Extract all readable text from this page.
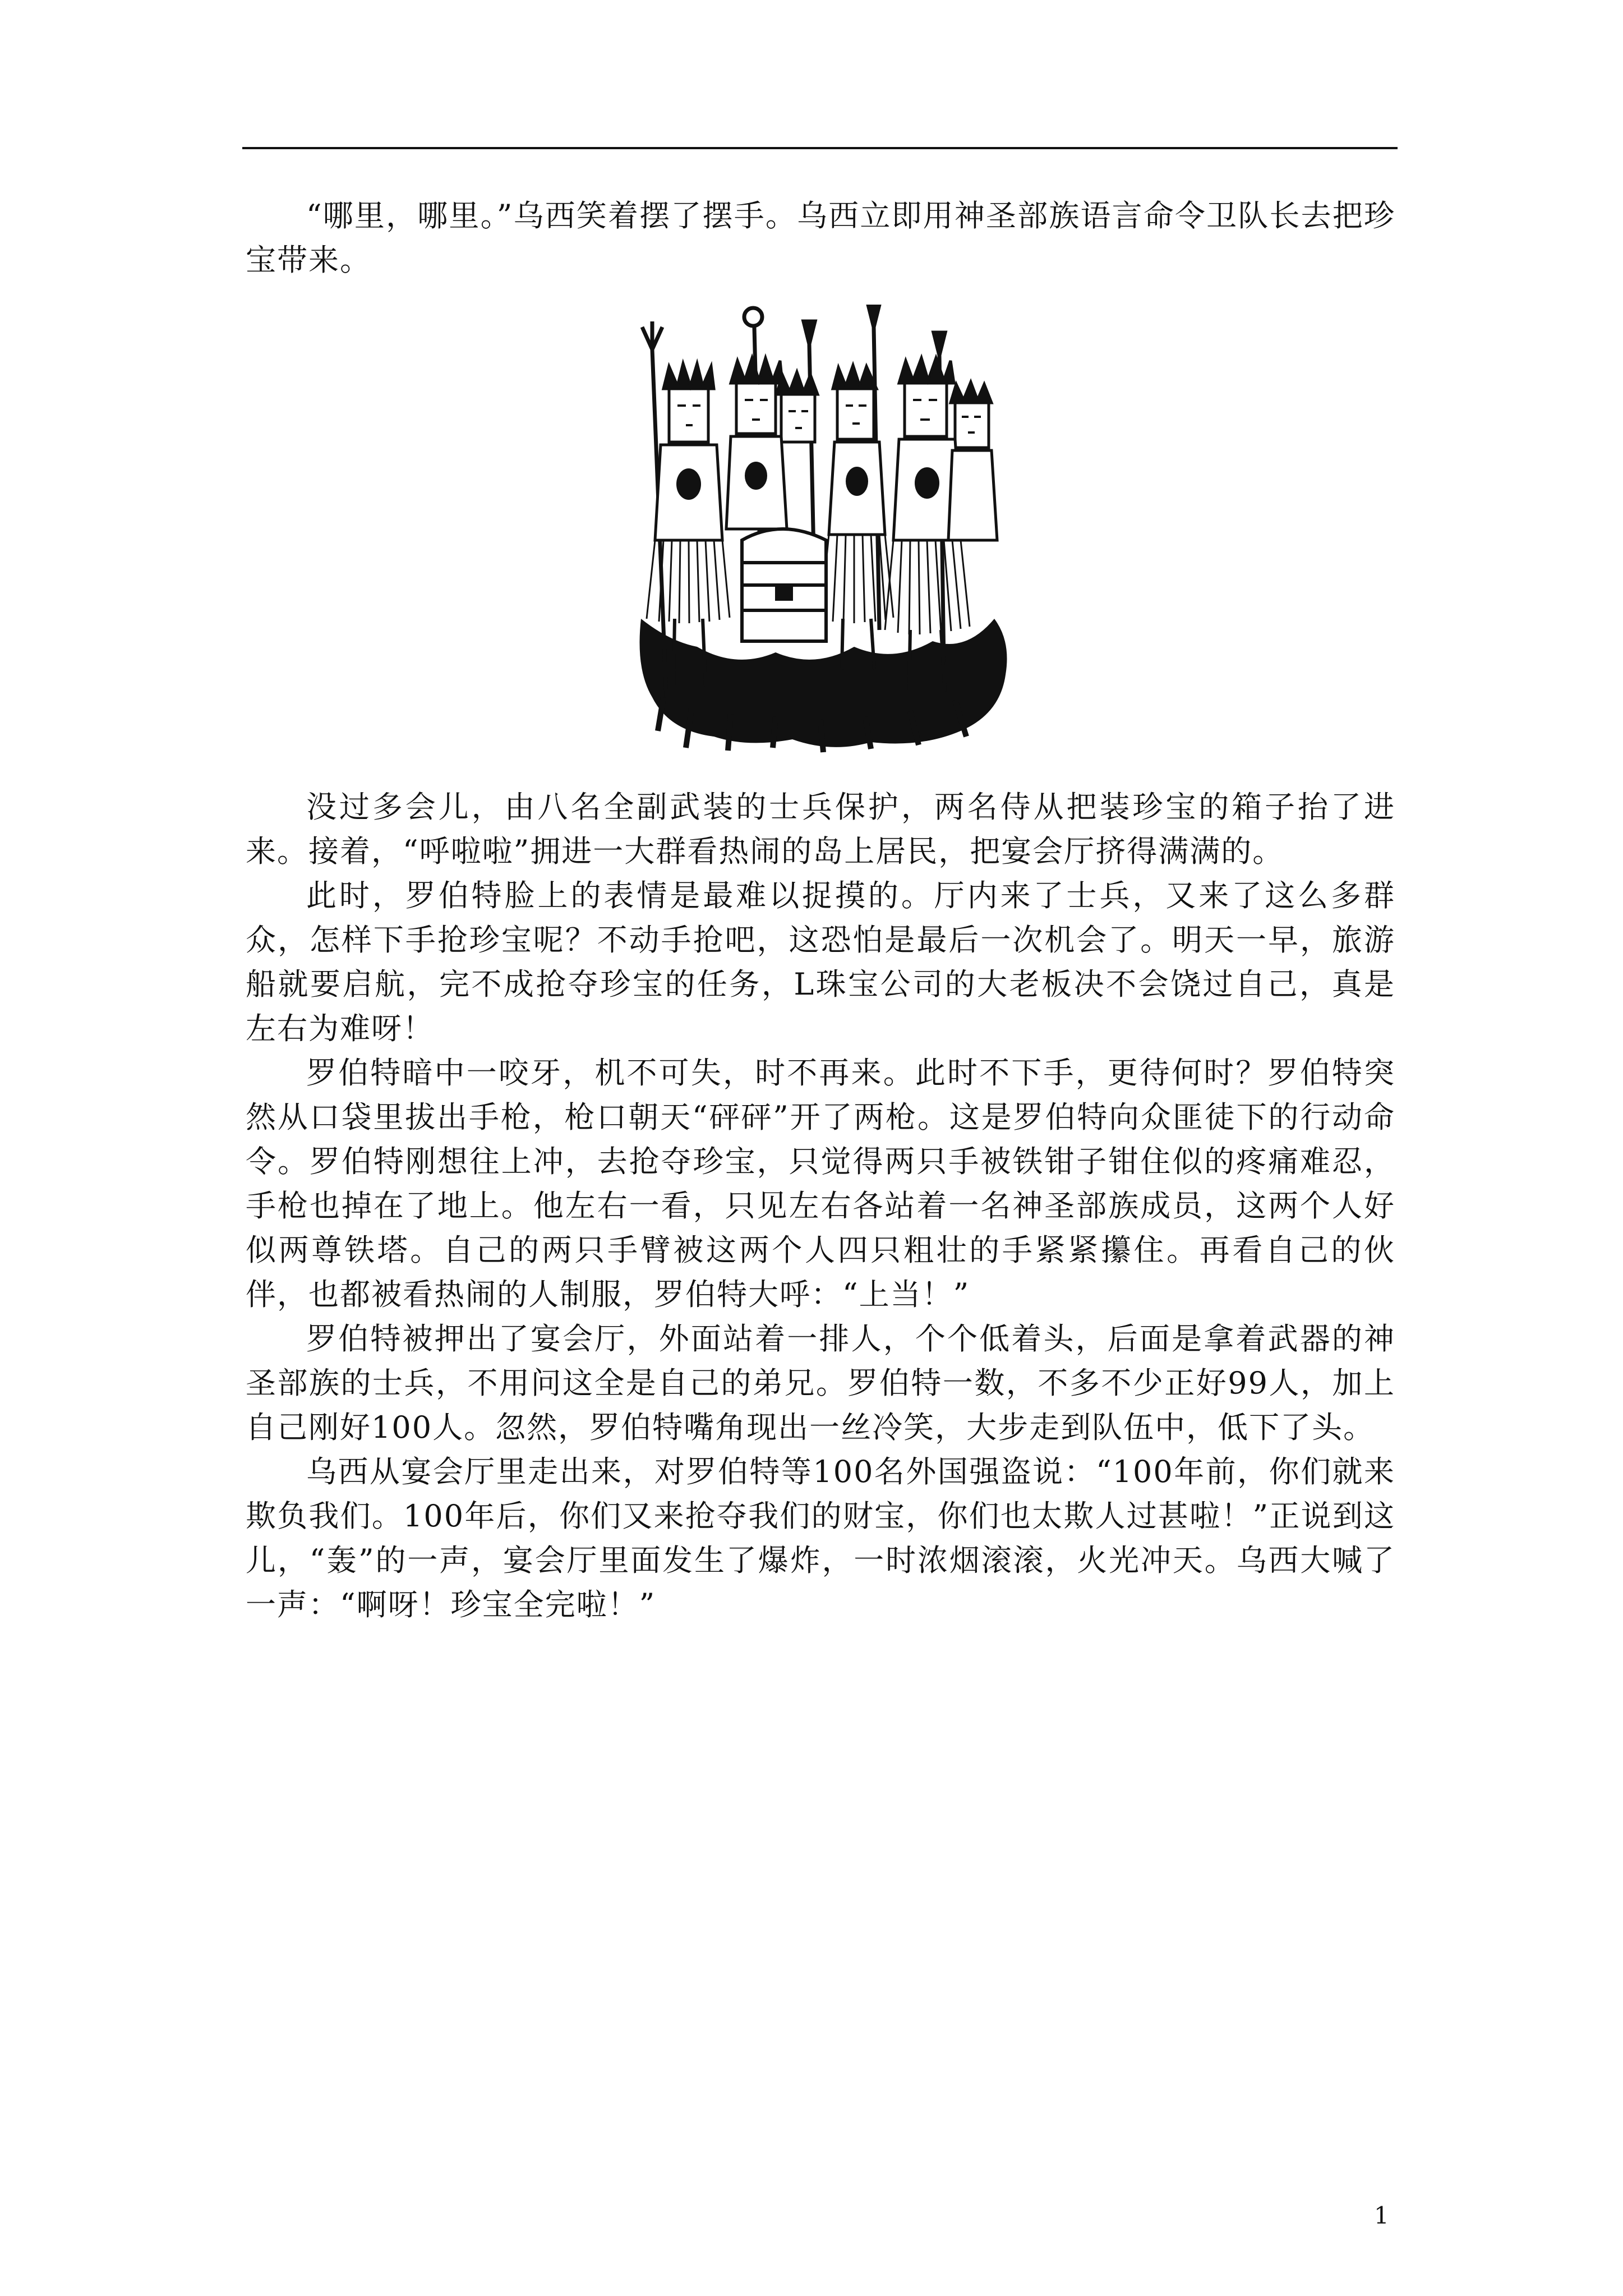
“哪里，哪里。”乌西笑着摆了摆手。乌西立即用神圣部族语言命令卫队长去把珍宝带来。

没过多会儿，由八名全副武装的士兵保护，两名侍从把装珍宝的箱子抬了进来。接着，“呼啦啦”拥进一大群看热闹的岛上居民，把宴会厅挤得满满的。

此时，罗伯特脸上的表情是最难以捉摸的。厅内来了士兵，又来了这么多群众，怎样下手抢珍宝呢？不动手抢吧，这恐怕是最后一次机会了。明天一早，旅游船就要启航，完不成抢夺珍宝的任务，L珠宝公司的大老板决不会饶过自己，真是左右为难呀！

罗伯特暗中一咬牙，机不可失，时不再来。此时不下手，更待何时？罗伯特突然从口袋里拔出手枪，枪口朝天“砰砰”开了两枪。这是罗伯特向众匪徒下的行动命令。罗伯特刚想往上冲，去抢夺珍宝，只觉得两只手被铁钳子钳住似的疼痛难忍，手枪也掉在了地上。他左右一看，只见左右各站着一名神圣部族成员，这两个人好似两尊铁塔。自己的两只手臂被这两个人四只粗壮的手紧紧攥住。再看自己的伙伴，也都被看热闹的人制服，罗伯特大呼：“上当！”

罗伯特被押出了宴会厅，外面站着一排人，个个低着头，后面是拿着武器的神圣部族的士兵，不用问这全是自己的弟兄。罗伯特一数，不多不少正好99人，加上自己刚好100人。忽然，罗伯特嘴角现出一丝冷笑，大步走到队伍中，低下了头。

乌西从宴会厅里走出来，对罗伯特等100名外国强盗说：“100年前，你们就来欺负我们。100年后，你们又来抢夺我们的财宝，你们也太欺人过甚啦！”正说到这儿，“轰”的一声，宴会厅里面发生了爆炸，一时浓烟滚滚，火光冲天。乌西大喊了一声：“啊呀！珍宝全完啦！”

1
